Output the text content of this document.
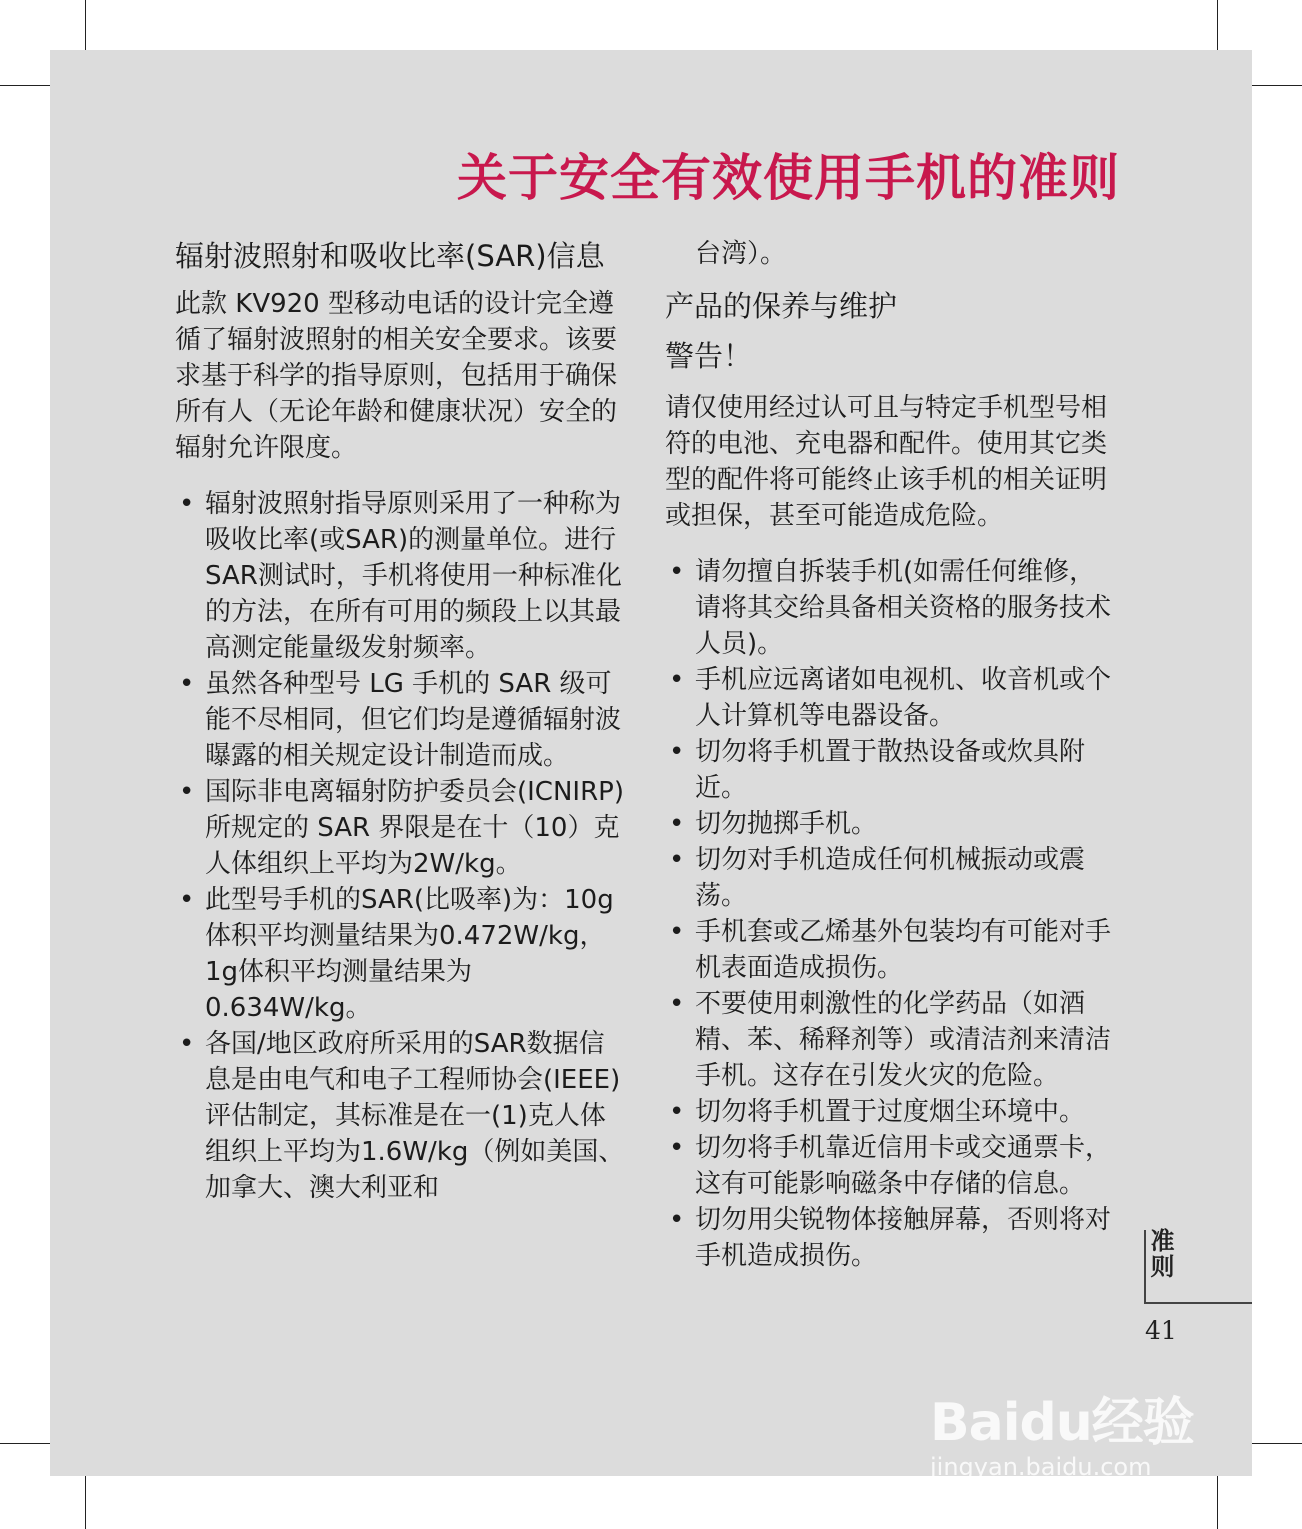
关于安全有效使用手机的准则
辐射波照射和吸收比率(SAR)信息

此款 KV920 型移动电话的设计完全遵循了辐射波照射的相关安全要求。该要求基于科学的指导原则，包括用于确保所有人（无论年龄和健康状况）安全的辐射允许限度。

• 辐射波照射指导原则采用了一种称为吸收比率(或SAR)的测量单位。进行SAR测试时，手机将使用一种标准化的方法，在所有可用的频段上以其最高测定能量级发射频率。
• 虽然各种型号 LG 手机的 SAR 级可能不尽相同，但它们均是遵循辐射波曝露的相关规定设计制造而成。
• 国际非电离辐射防护委员会(ICNIRP)所规定的 SAR 界限是在十（10）克人体组织上平均为2W/kg。
• 此型号手机的SAR(比吸率)为：10g体积平均测量结果为0.472W/kg，1g体积平均测量结果为0.634W/kg。
• 各国/地区政府所采用的SAR数据信息是由电气和电子工程师协会(IEEE)评估制定，其标准是在一(1)克人体组织上平均为1.6W/kg（例如美国、加拿大、澳大利亚和

台湾）。

产品的保养与维护

警告！

请仅使用经过认可且与特定手机型号相符的电池、充电器和配件。使用其它类型的配件将可能终止该手机的相关证明或担保，甚至可能造成危险。

• 请勿擅自拆装手机(如需任何维修，请将其交给具备相关资格的服务技术人员)。
• 手机应远离诸如电视机、收音机或个人计算机等电器设备。
• 切勿将手机置于散热设备或炊具附近。
• 切勿抛掷手机。
• 切勿对手机造成任何机械振动或震荡。
• 手机套或乙烯基外包装均有可能对手机表面造成损伤。
• 不要使用刺激性的化学药品（如酒精、苯、稀释剂等）或清洁剂来清洁手机。这存在引发火灾的危险。
• 切勿将手机置于过度烟尘环境中。
• 切勿将手机靠近信用卡或交通票卡，这有可能影响磁条中存储的信息。
• 切勿用尖锐物体接触屏幕，否则将对手机造成损伤。	准则
41
Baidu经验
jingyan.baidu.com
